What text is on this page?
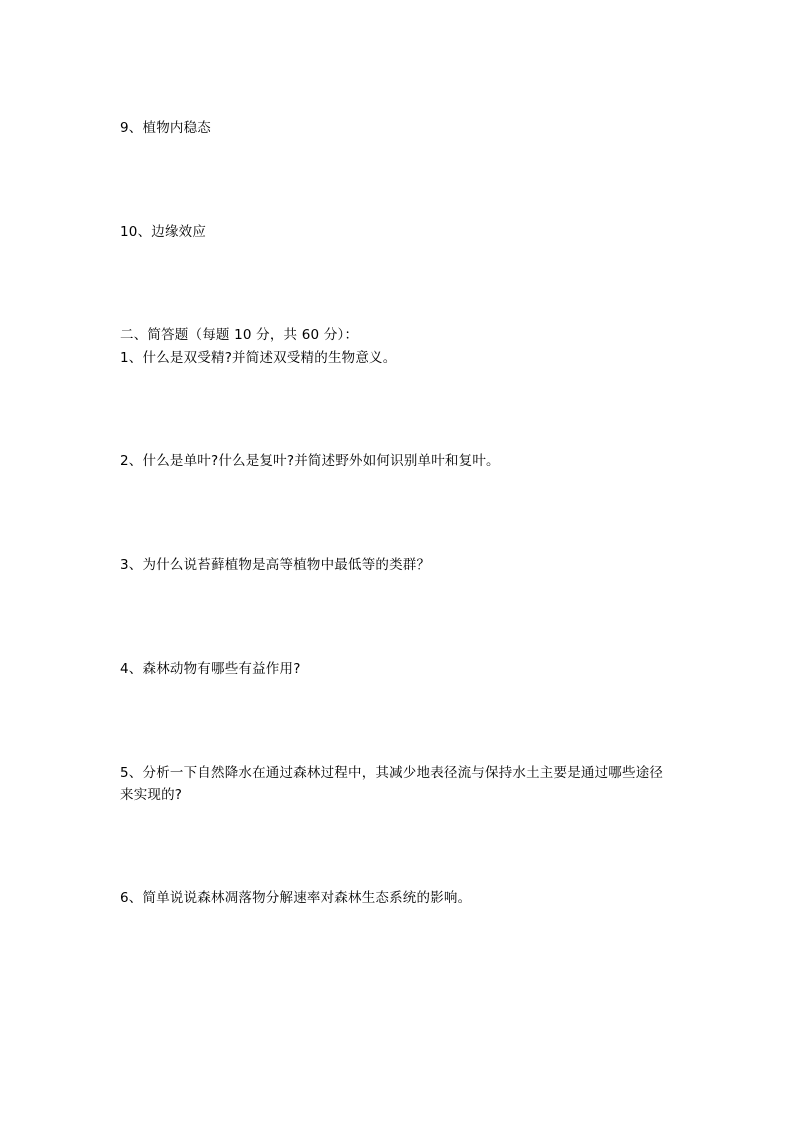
9、植物内稳态
10、边缘效应
二、简答题（每题 10 分，共 60 分）：
1、什么是双受精?并简述双受精的生物意义。
2、什么是单叶?什么是复叶?并简述野外如何识别单叶和复叶。
3、为什么说苔藓植物是高等植物中最低等的类群？
4、森林动物有哪些有益作用?
5、分析一下自然降水在通过森林过程中，其减少地表径流与保持水土主要是通过哪些途径
来实现的?
6、简单说说森林凋落物分解速率对森林生态系统的影响。
